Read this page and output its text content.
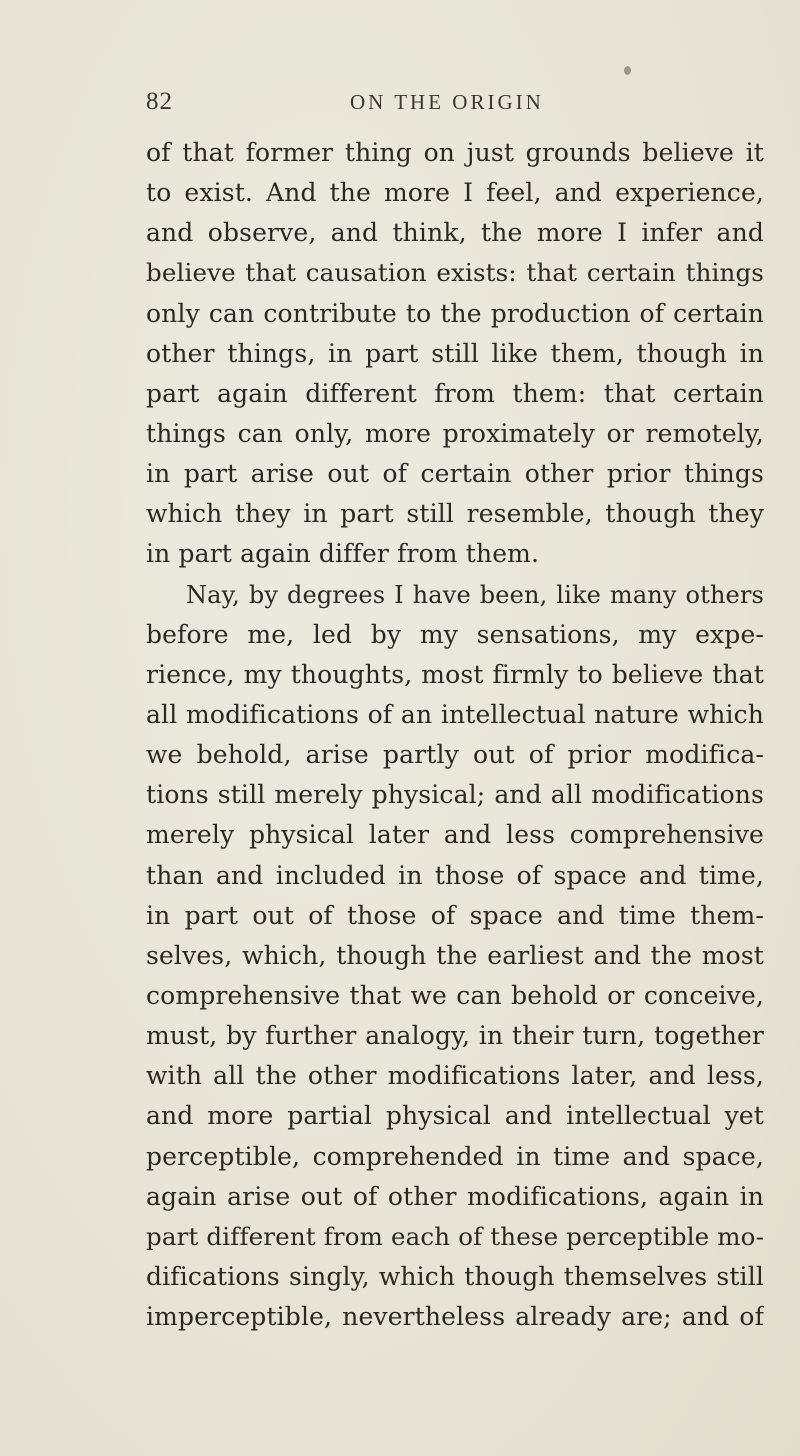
82	ON THE ORIGIN
of that former thing on just grounds believe it
to exist. And the more I feel, and experience,
and observe, and think, the more I infer and
believe that causation exists: that certain things
only can contribute to the production of certain
other things, in part still like them, though in
part again different from them: that certain
things can only, more proximately or remotely,
in part arise out of certain other prior things
which they in part still resemble, though they
in part again differ from them.
Nay, by degrees I have been, like many others
before me, led by my sensations, my expe-
rience, my thoughts, most firmly to believe that
all modifications of an intellectual nature which
we behold, arise partly out of prior modifica-
tions still merely physical; and all modifications
merely physical later and less comprehensive
than and included in those of space and time,
in part out of those of space and time them-
selves, which, though the earliest and the most
comprehensive that we can behold or conceive,
must, by further analogy, in their turn, together
with all the other modifications later, and less,
and more partial physical and intellectual yet
perceptible, comprehended in time and space,
again arise out of other modifications, again in
part different from each of these perceptible mo-
difications singly, which though themselves still
imperceptible, nevertheless already are; and of
